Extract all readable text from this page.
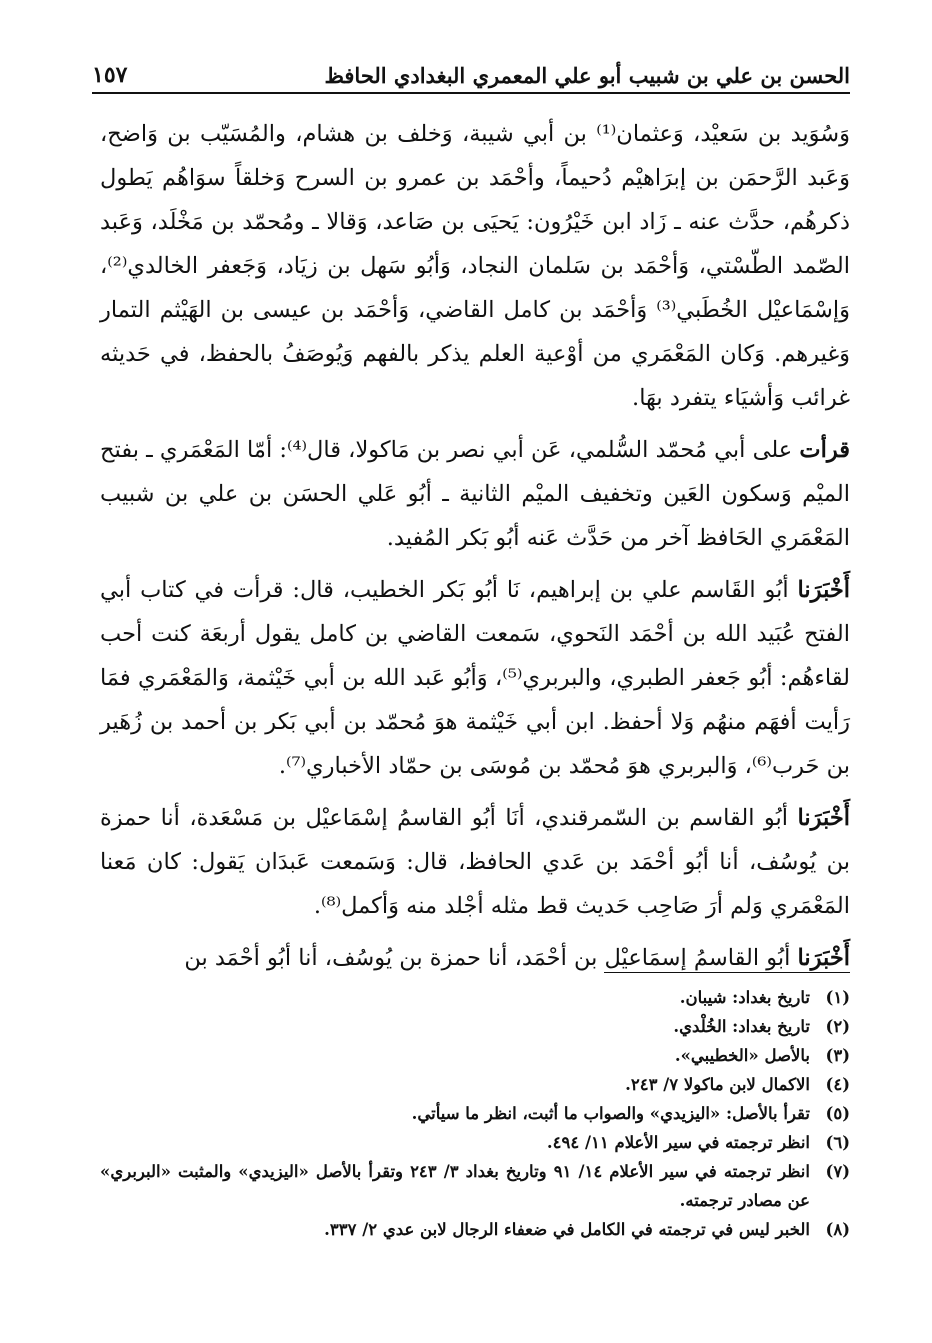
الحسن بن علي بن شبيب أبو علي المعمري البغدادي الحافظ
١٥٧

وَسُوَيد بن سَعيْد، وَعثمان⁽¹⁾ بن أبي شيبة، وَخلف بن هشام، والمُسَيّب بن وَاضح، وَعَبد الرَّحمَن بن إبرَاهيْم دُحيماً، وأحْمَد بن عمرو بن السرح وَخلقاً سوَاهُم يَطول ذكرهُم، حدَّث عنه ـ زَاد ابن خَيْرُون: يَحيَى بن صَاعد، وَقالا ـ ومُحمّد بن مَخْلَد، وَعَبد الصّمد الطّسْتي، وَأحْمَد بن سَلمان النجاد، وَأبُو سَهل بن زيَاد، وَجَعفر الخالدي⁽²⁾، وَإسْمَاعيْل الخُطَبي⁽³⁾ وَأحْمَد بن كامل القاضي، وَأحْمَد بن عيسى بن الهَيْثم التمار وَغيرهم. وَكان المَعْمَري من أوْعية العلم يذكر بالفهم وَيُوصَفُ بالحفظ، في حَديثه غرائب وَأشيَاء يتفرد بهَا.

قرأت على أبي مُحمّد السُّلمي، عَن أبي نصر بن مَاكولا، قال⁽⁴⁾: أمّا المَعْمَري ـ بفتح الميْم وَسكون العَين وتخفيف الميْم الثانية ـ أبُو عَلي الحسَن بن علي بن شبيب المَعْمَري الحَافظ آخر من حَدَّث عَنه أبُو بَكر المُفيد.

أَخْبَرَنا أبُو القَاسم علي بن إبراهيم، نَا أبُو بَكر الخطيب، قال: قرأت في كتاب أبي الفتح عُبَيد الله بن أحْمَد النَحوي، سَمعت القاضي بن كامل يقول أربعَة كنت أحب لقاءهُم: أبُو جَعفر الطبري، والبربري⁽⁵⁾، وَأبُو عَبد الله بن أبي خَيْثمة، وَالمَعْمَري فمَا رَأيت أفهَم منهُم وَلا أحفظ. ابن أبي خَيْثمة هوَ مُحمّد بن أبي بَكر بن أحمد بن زُهَير بن حَرب⁽⁶⁾، وَالبربري هوَ مُحمّد بن مُوسَى بن حمّاد الأخباري⁽⁷⁾.

أَخْبَرَنا أبُو القاسم بن السّمرقندي، أنَا أبُو القاسمُ إسْمَاعيْل بن مَسْعَدة، أنا حمزة بن يُوسُف، أنا أبُو أحْمَد بن عَدي الحافظ، قال: وَسَمعت عَبدَان يَقول: كان مَعنا المَعْمَري وَلم أرَ صَاحِب حَديث قط مثله أجْلد منه وَأكمل⁽⁸⁾.

أَخْبَرَنا أبُو القاسمُ إسمَاعيْل بن أحْمَد، أنا حمزة بن يُوسُف، أنا أبُو أحْمَد بن

(١)
تاريخ بغداد: شيبان.
(٢)
تاريخ بغداد: الخُلْدي.
(٣)
بالأصل «الخطيبي».
(٤)
الاكمال لابن ماكولا ٧/ ٢٤٣.
(٥)
تقرأ بالأصل: «اليزيدي» والصواب ما أثبت، انظر ما سيأتي.
(٦)
انظر ترجمته في سير الأعلام ١١/ ٤٩٤.
(٧)
انظر ترجمته في سير الأعلام ١٤/ ٩١ وتاريخ بغداد ٣/ ٢٤٣ وتقرأ بالأصل «اليزيدي» والمثبت «البربري» عن مصادر ترجمته.
(٨)
الخبر ليس في ترجمته في الكامل في ضعفاء الرجال لابن عدي ٢/ ٣٣٧.
